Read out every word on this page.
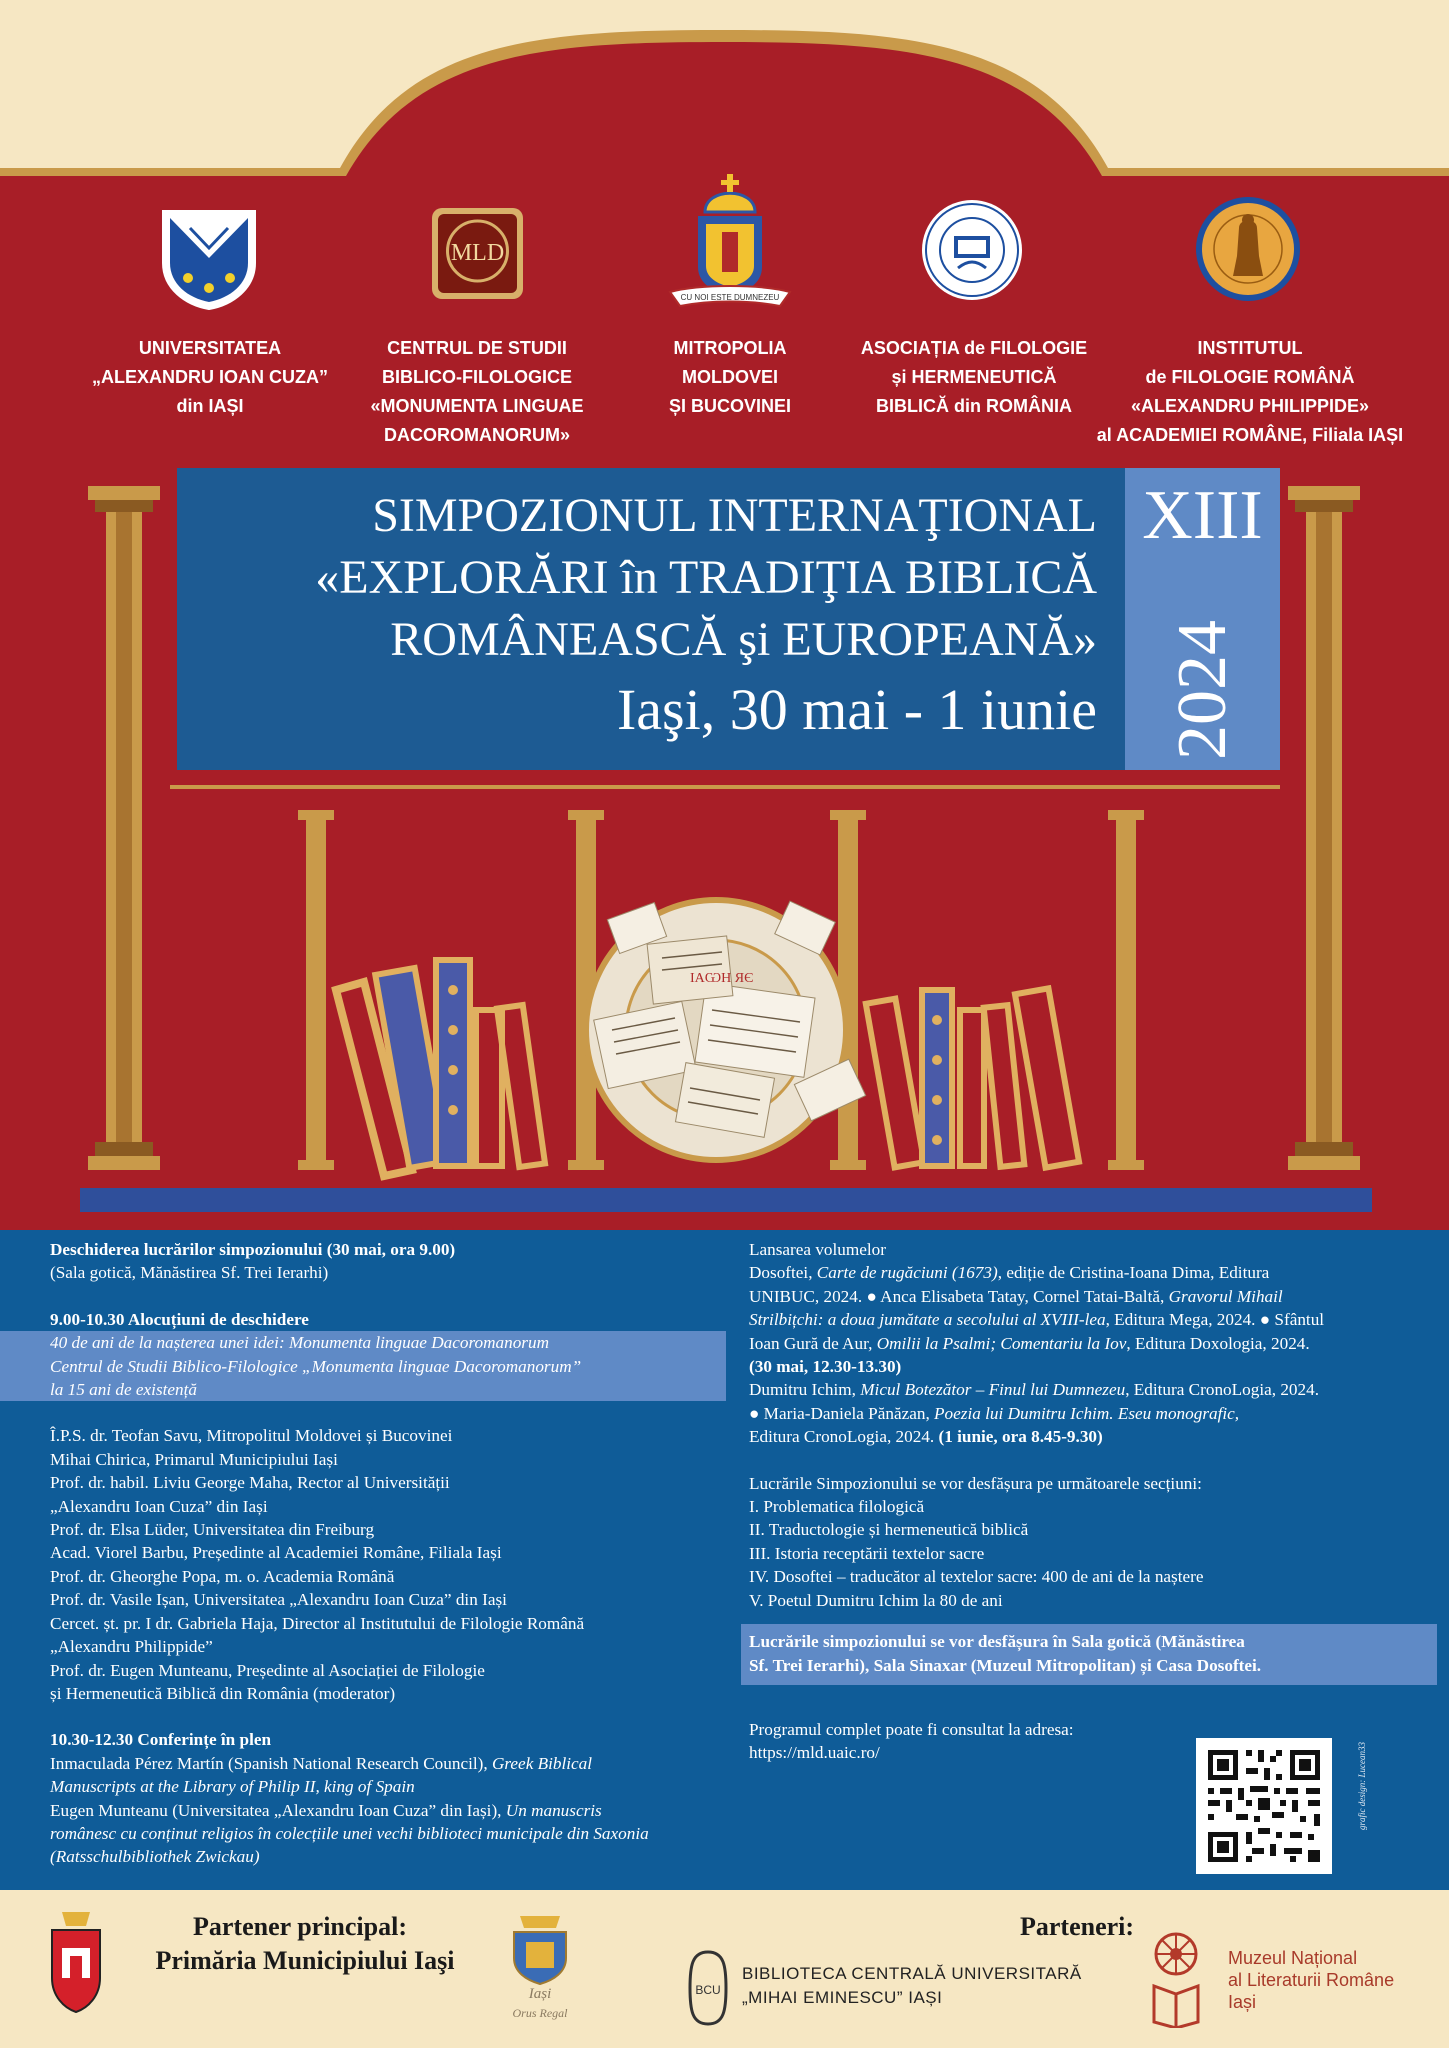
MLD
CU NOI ESTE DUMNEZEU
UNIVERSITATEA
„ALEXANDRU IOAN CUZA”
din IAȘI
CENTRUL DE STUDII
BIBLICO-FILOLOGICE
«MONUMENTA LINGUAE
DACOROMANORUM»
MITROPOLIA
MOLDOVEI
ȘI BUCOVINEI
ASOCIAȚIA de FILOLOGIE
și HERMENEUTICĂ
BIBLICĂ din ROMÂNIA
INSTITUTUL
de FILOLOGIE ROMÂNĂ
«ALEXANDRU PHILIPPIDE»
al ACADEMIEI ROMÂNE, Filiala IAȘI
ІАѠН ЯЄ
SIMPOZIONUL INTERNAŢIONAL
«EXPLORĂRI în TRADIŢIA BIBLICĂ
ROMÂNEASCĂ şi EUROPEANĂ»
Iaşi, 30 mai - 1 iunie
XIII
2024

Deschiderea lucrărilor simpozionului (30 mai, ora 9.00)

(Sala gotică, Mănăstirea Sf. Trei Ierarhi)

9.00-10.30 Alocuțiuni de deschidere

40 de ani de la nașterea unei idei: Monumenta linguae Dacoromanorum

Centrul de Studii Biblico-Filologice „Monumenta linguae Dacoromanorum”

la 15 ani de existență

Î.P.S. dr. Teofan Savu, Mitropolitul Moldovei și Bucovinei

Mihai Chirica, Primarul Municipiului Iași

Prof. dr. habil. Liviu George Maha, Rector al Universității

„Alexandru Ioan Cuza” din Iași

Prof. dr. Elsa Lüder, Universitatea din Freiburg

Acad. Viorel Barbu, Președinte al Academiei Române, Filiala Iași

Prof. dr. Gheorghe Popa, m. o. Academia Română

Prof. dr. Vasile Ișan, Universitatea „Alexandru Ioan Cuza” din Iași

Cercet. șt. pr. I dr. Gabriela Haja, Director al Institutului de Filologie Română

„Alexandru Philippide”

Prof. dr. Eugen Munteanu, Președinte al Asociației de Filologie

și Hermeneutică Biblică din România (moderator)

10.30-12.30 Conferințe în plen

Inmaculada Pérez Martín (Spanish National Research Council), Greek Biblical

Manuscripts at the Library of Philip II, king of Spain

Eugen Munteanu (Universitatea „Alexandru Ioan Cuza” din Iași), Un manuscris

românesc cu conținut religios în colecțiile unei vechi biblioteci municipale din Saxonia

(Ratsschulbibliothek Zwickau)

Lansarea volumelor

Dosoftei, Carte de rugăciuni (1673), ediție de Cristina-Ioana Dima, Editura

UNIBUC, 2024. ● Anca Elisabeta Tatay, Cornel Tatai-Baltă, Gravorul Mihail

Strilbițchi: a doua jumătate a secolului al XVIII-lea, Editura Mega, 2024. ● Sfântul

Ioan Gură de Aur, Omilii la Psalmi; Comentariu la Iov, Editura Doxologia, 2024.

(30 mai, 12.30-13.30)

Dumitru Ichim, Micul Botezător – Finul lui Dumnezeu, Editura CronoLogia, 2024.

● Maria-Daniela Pănăzan, Poezia lui Dumitru Ichim. Eseu monografic,

Editura CronoLogia, 2024. (1 iunie, ora 8.45-9.30)

Lucrările Simpozionului se vor desfășura pe următoarele secțiuni:

I. Problematica filologică

II. Traductologie și hermeneutică biblică

III. Istoria receptării textelor sacre

IV. Dosoftei – traducător al textelor sacre: 400 de ani de la naștere

V. Poetul Dumitru Ichim la 80 de ani

Lucrările simpozionului se vor desfășura în Sala gotică (Mănăstirea

Sf. Trei Ierarhi), Sala Sinaxar (Muzeul Mitropolitan) și Casa Dosoftei.

Programul complet poate fi consultat la adresa:

https://mld.uaic.ro/	grafic design: Lucean33
Partener principal:
Primăria Municipiului Iaşi
Iași
Orus Regal
Parteneri:
BCU
BIBLIOTECA CENTRALĂ UNIVERSITARĂ
„MIHAI EMINESCU” IAȘI
Muzeul Național
al Literaturii Române
Iași
